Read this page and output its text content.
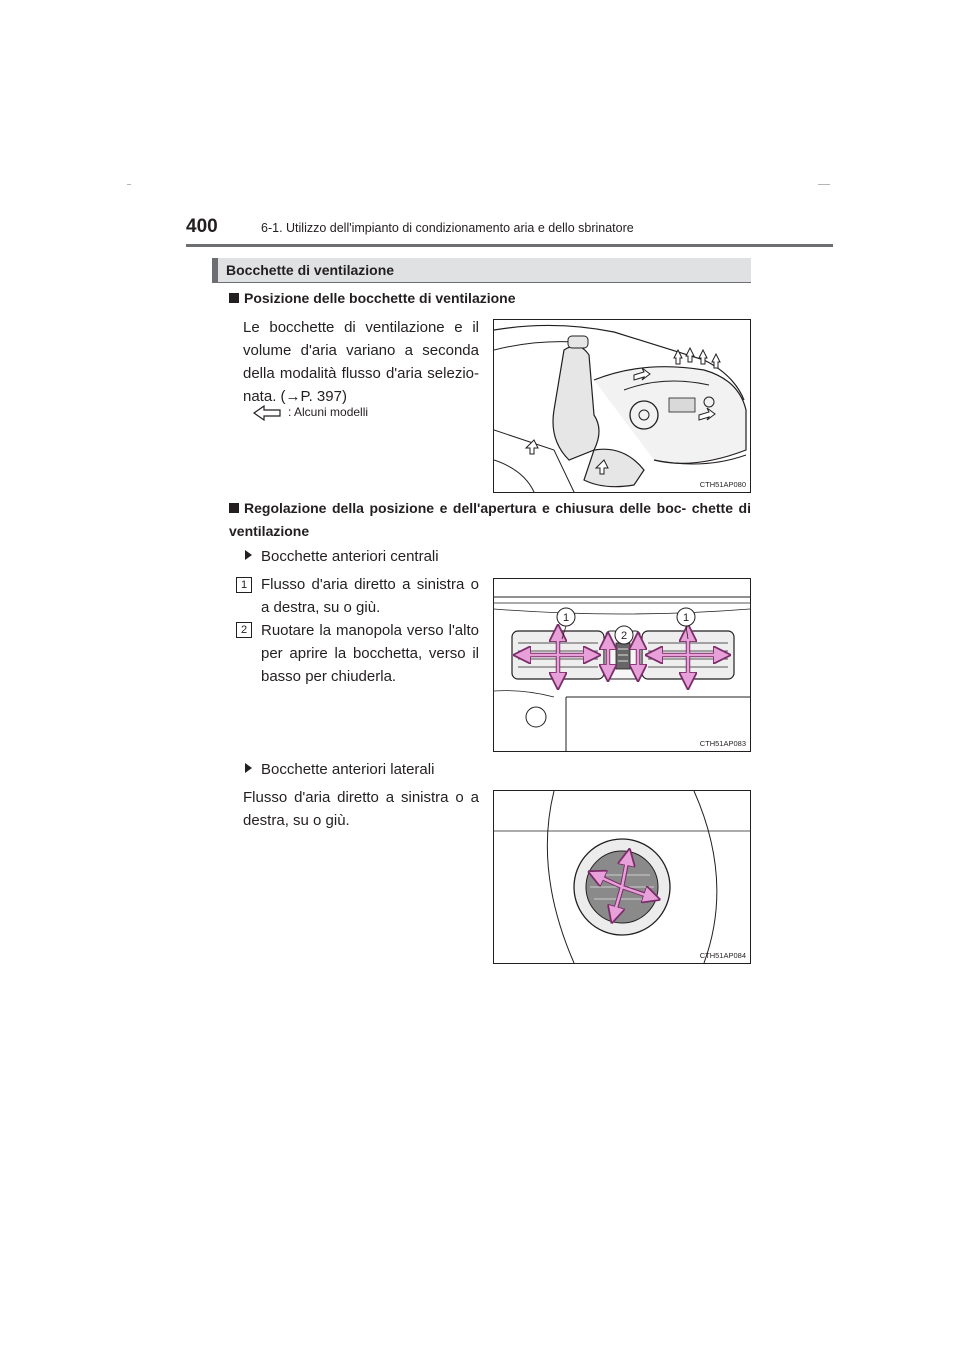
400	6-1. Utilizzo dell'impianto di condizionamento aria e dello sbrinatore
Bocchette di ventilazione
Posizione delle bocchette di ventilazione
Le bocchette di ventilazione e il volume d'aria variano a seconda della modalità flusso d'aria selezio- nata. (→P. 397)
: Alcuni modelli
CTH51AP080
Regolazione della posizione e dell'apertura e chiusura delle boc- chette di ventilazione
Bocchette anteriori centrali
1 Flusso d'aria diretto a sinistra o a destra, su o giù.
2 Ruotare la manopola verso l'alto per aprire la bocchetta, verso il basso per chiuderla.
1	1
2
CTH51AP083
Bocchette anteriori laterali
Flusso d'aria diretto a sinistra o a destra, su o giù.
CTH51AP084
